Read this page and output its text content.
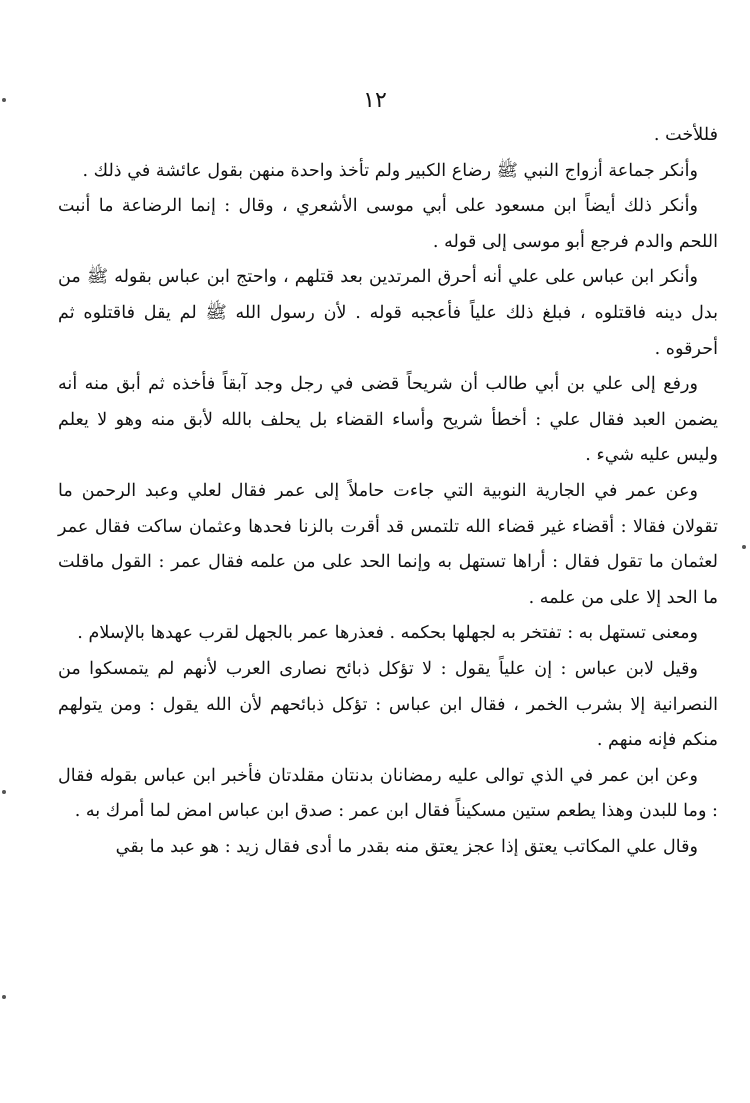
١٢

فللأخت .

وأنكر جماعة أزواج النبي ﷺ رضاع الكبير ولم تأخذ واحدة منهن بقول عائشة في ذلك .

وأنكر ذلك أيضاً ابن مسعود على أبي موسى الأشعري ، وقال : إنما الرضاعة ما أنبت اللحم والدم فرجع أبو موسى إلى قوله .

وأنكر ابن عباس على علي أنه أحرق المرتدين بعد قتلهم ، واحتج ابن عباس بقوله ﷺ من بدل دينه فاقتلوه ، فبلغ ذلك علياً فأعجبه قوله . لأن رسول الله ﷺ لم يقل فاقتلوه ثم أحرقوه .

ورفع إلى علي بن أبي طالب أن شريحاً قضى في رجل وجد آبقاً فأخذه ثم أبق منه أنه يضمن العبد فقال علي : أخطأ شريح وأساء القضاء بل يحلف بالله لأبق منه وهو لا يعلم وليس عليه شيء .

وعن عمر في الجارية النوبية التي جاءت حاملاً إلى عمر فقال لعلي وعبد الرحمن ما تقولان فقالا : أقضاء غير قضاء الله تلتمس قد أقرت بالزنا فحدها وعثمان ساكت فقال عمر لعثمان ما تقول فقال : أراها تستهل به وإنما الحد على من علمه فقال عمر : القول ماقلت ما الحد إلا على من علمه .

ومعنى تستهل به : تفتخر به لجهلها بحكمه . فعذرها عمر بالجهل لقرب عهدها بالإسلام .

وقيل لابن عباس : إن علياً يقول : لا تؤكل ذبائح نصارى العرب لأنهم لم يتمسكوا من النصرانية إلا بشرب الخمر ، فقال ابن عباس : تؤكل ذبائحهم لأن الله يقول : ومن يتولهم منكم فإنه منهم .

وعن ابن عمر في الذي توالى عليه رمضانان بدنتان مقلدتان فأخبر ابن عباس بقوله فقال : وما للبدن وهذا يطعم ستين مسكيناً فقال ابن عمر : صدق ابن عباس امض لما أمرك به .

وقال علي المكاتب يعتق إذا عجز يعتق منه بقدر ما أدى فقال زيد : هو عبد ما بقي
